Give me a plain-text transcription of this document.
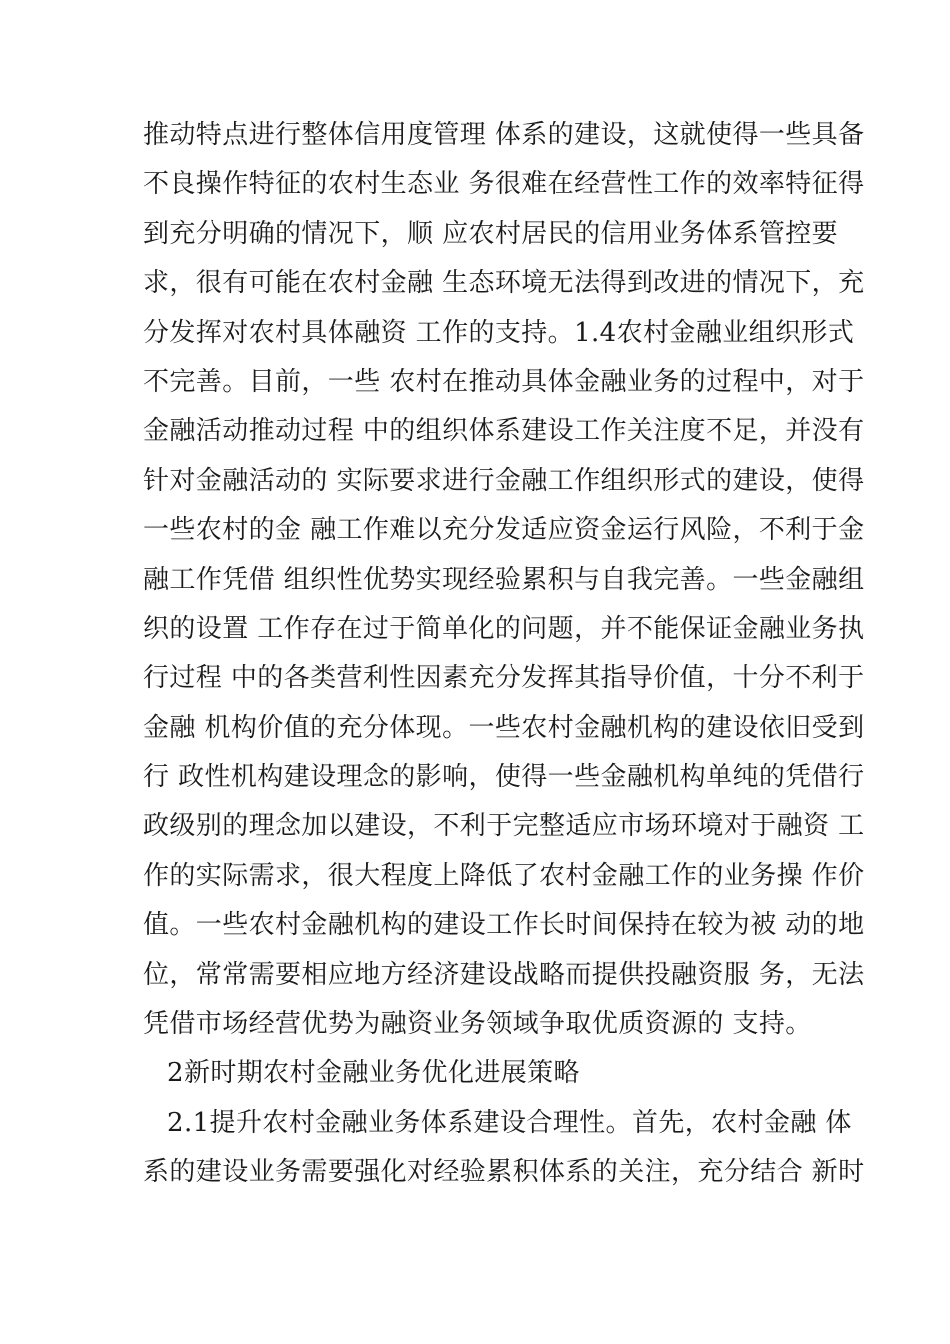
推动特点进行整体信用度管理 体系的建设，这就使得一些具备
不良操作特征的农村生态业 务很难在经营性工作的效率特征得
到充分明确的情况下，顺 应农村居民的信用业务体系管控要
求，很有可能在农村金融 生态环境无法得到改进的情况下，充
分发挥对农村具体融资 工作的支持。1.4农村金融业组织形式
不完善。目前，一些 农村在推动具体金融业务的过程中，对于
金融活动推动过程 中的组织体系建设工作关注度不足，并没有
针对金融活动的 实际要求进行金融工作组织形式的建设，使得
一些农村的金 融工作难以充分发适应资金运行风险，不利于金
融工作凭借 组织性优势实现经验累积与自我完善。一些金融组
织的设置 工作存在过于简单化的问题，并不能保证金融业务执
行过程 中的各类营利性因素充分发挥其指导价值，十分不利于
金融 机构价值的充分体现。一些农村金融机构的建设依旧受到
行 政性机构建设理念的影响，使得一些金融机构单纯的凭借行
政级别的理念加以建设，不利于完整适应市场环境对于融资 工
作的实际需求，很大程度上降低了农村金融工作的业务操 作价
值。一些农村金融机构的建设工作长时间保持在较为被 动的地
位，常常需要相应地方经济建设战略而提供投融资服 务，无法
凭借市场经营优势为融资业务领域争取优质资源的 支持。
2新时期农村金融业务优化进展策略
2.1提升农村金融业务体系建设合理性。首先，农村金融 体
系的建设业务需要强化对经验累积体系的关注，充分结合 新时
